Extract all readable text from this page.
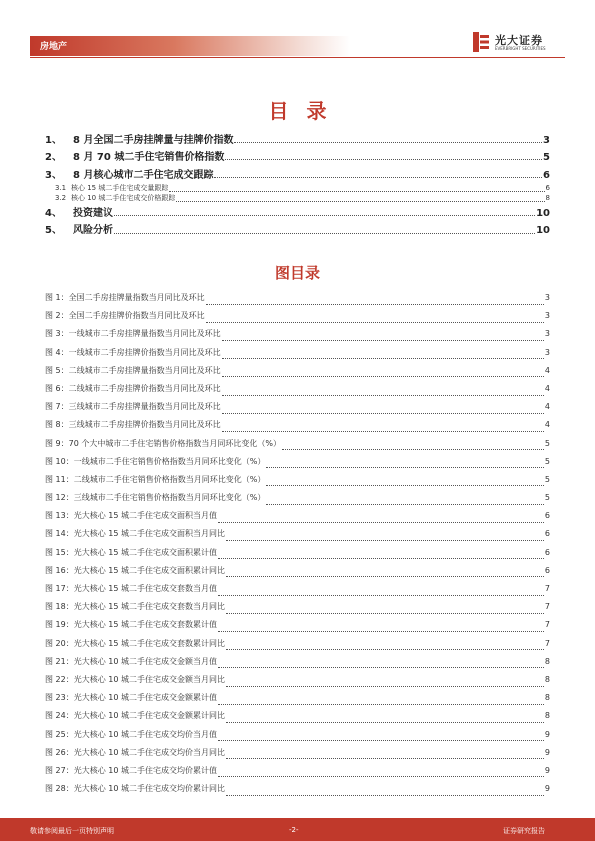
房地产	光大证券
EVERBRIGHT SECURITIES
目录
1、	8 月全国二手房挂牌量与挂牌价指数	3
2、	8 月 70 城二手住宅销售价格指数	5
3、	8 月核心城市二手住宅成交跟踪	6
3.1 核心 15 城二手住宅成交量跟踪	6
3.2 核心 10 城二手住宅成交价格跟踪	8
4、	投资建议	10
5、	风险分析	10
图目录
图 1：全国二手房挂牌量指数当月同比及环比	3
图 2：全国二手房挂牌价指数当月同比及环比	3
图 3：一线城市二手房挂牌量指数当月同比及环比	3
图 4：一线城市二手房挂牌价指数当月同比及环比	3
图 5：二线城市二手房挂牌量指数当月同比及环比	4
图 6：二线城市二手房挂牌价指数当月同比及环比	4
图 7：三线城市二手房挂牌量指数当月同比及环比	4
图 8：三线城市二手房挂牌价指数当月同比及环比	4
图 9：70 个大中城市二手住宅销售价格指数当月同环比变化（%）	5
图 10：一线城市二手住宅销售价格指数当月同环比变化（%）	5
图 11：二线城市二手住宅销售价格指数当月同环比变化（%）	5
图 12：三线城市二手住宅销售价格指数当月同环比变化（%）	5
图 13：光大核心 15 城二手住宅成交面积当月值	6
图 14：光大核心 15 城二手住宅成交面积当月同比	6
图 15：光大核心 15 城二手住宅成交面积累计值	6
图 16：光大核心 15 城二手住宅成交面积累计同比	6
图 17：光大核心 15 城二手住宅成交套数当月值	7
图 18：光大核心 15 城二手住宅成交套数当月同比	7
图 19：光大核心 15 城二手住宅成交套数累计值	7
图 20：光大核心 15 城二手住宅成交套数累计同比	7
图 21：光大核心 10 城二手住宅成交金额当月值	8
图 22：光大核心 10 城二手住宅成交金额当月同比	8
图 23：光大核心 10 城二手住宅成交金额累计值	8
图 24：光大核心 10 城二手住宅成交金额累计同比	8
图 25：光大核心 10 城二手住宅成交均价当月值	9
图 26：光大核心 10 城二手住宅成交均价当月同比	9
图 27：光大核心 10 城二手住宅成交均价累计值	9
图 28：光大核心 10 城二手住宅成交均价累计同比	9
敬请参阅最后一页特别声明	-2-	证券研究报告
